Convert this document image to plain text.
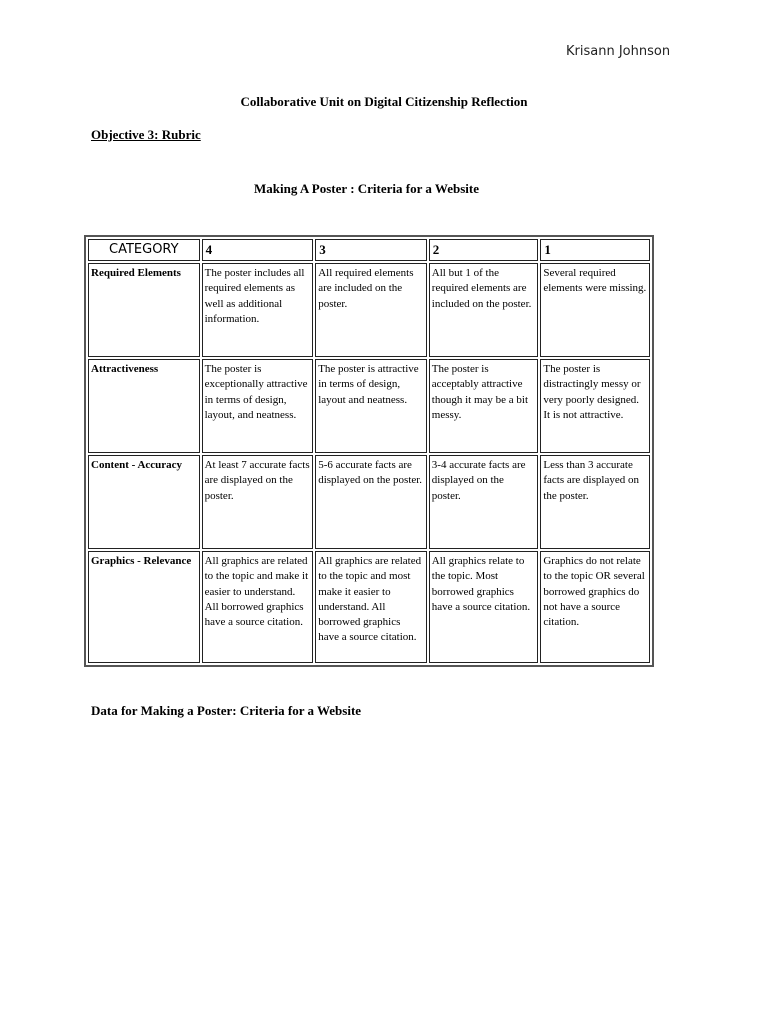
Krisann Johnson
Collaborative Unit on Digital Citizenship Reflection
Objective 3: Rubric
Making A Poster : Criteria for a Website
CATEGORY	4	3	2	1
Required Elements	The poster includes all required elements as well as additional information.	All required elements are included on the poster.	All but 1 of the required elements are included on the poster.	Several required elements were missing.
Attractiveness	The poster is exceptionally attractive in terms of design, layout, and neatness.	The poster is attractive in terms of design, layout and neatness.	The poster is acceptably attractive though it may be a bit messy.	The poster is distractingly messy or very poorly designed. It is not attractive.
Content - Accuracy	At least 7 accurate facts are displayed on the poster.	5-6 accurate facts are displayed on the poster.	3-4 accurate facts are displayed on the poster.	Less than 3 accurate facts are displayed on the poster.
Graphics - Relevance	All graphics are related to the topic and make it easier to understand. All borrowed graphics have a source citation.	All graphics are related to the topic and most make it easier to understand. All borrowed graphics have a source citation.	All graphics relate to the topic. Most borrowed graphics have a source citation.	Graphics do not relate to the topic OR several borrowed graphics do not have a source citation.
Data for Making a Poster: Criteria for a Website
